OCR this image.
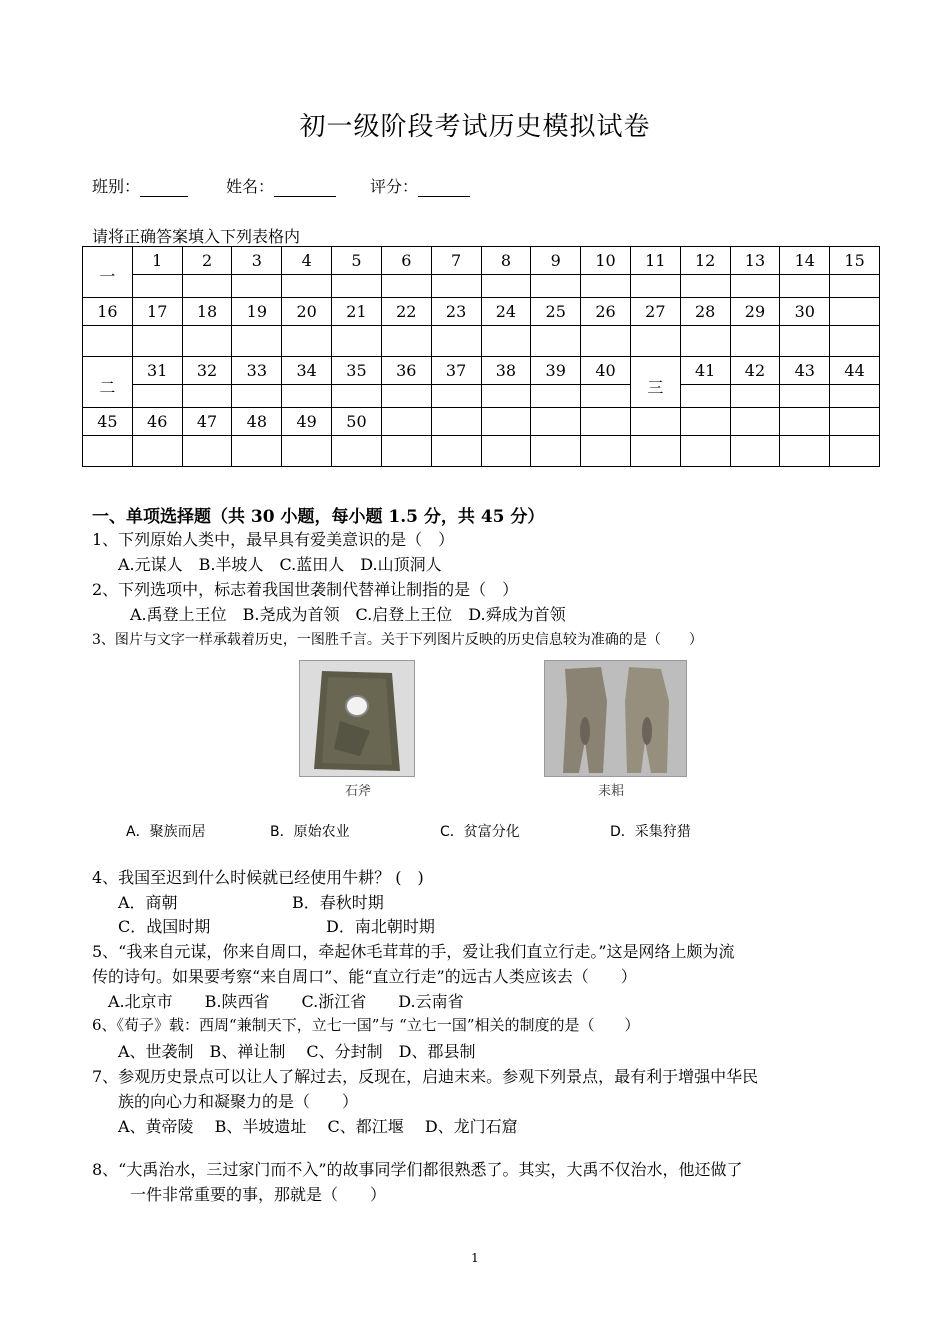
初一级阶段考试历史模拟试卷
班别：	姓名：	评分：
请将正确答案填入下列表格内
一	1	2	3	4	5	6	7	8	9	10	11	12	13	14	15

16	17	18	19	20	21	22	23	24	25	26	27	28	29	30	

二	31	32	33	34	35	36	37	38	39	40	三	41	42	43	44

45	46	47	48	49	50										

一、单项选择题（共 30 小题，每小题 1.5 分，共 45 分）
1、下列原始人类中，最早具有爱美意识的是（　）
A.元谋人　B.半坡人　C.蓝田人　D.山顶洞人
2、下列选项中，标志着我国世袭制代替禅让制指的是（　）
A.禹登上王位　B.尧成为首领　C.启登上王位　D.舜成为首领
3、图片与文字一样承载着历史，一图胜千言。关于下列图片反映的历史信息较为准确的是（　　）
石斧	耒耜
A．聚族而居	B．原始农业	C．贫富分化	D．采集狩猎
4、我国至迟到什么时候就已经使用牛耕？ (　)
A．商朝	B．春秋时期
C．战国时期	D．南北朝时期
5、“我来自元谋，你来自周口，牵起休毛茸茸的手，爱让我们直立行走。”这是网络上颇为流
传的诗句。如果要考察“来自周口”、能“直立行走”的远古人类应该去（　　）
A.北京市　　B.陕西省　　C.浙江省　　D.云南省
6、《荀子》载：西周“兼制天下，立七一国”与 “立七一国”相关的制度的是（　　）
A、世袭制　B、禅让制　 C、分封制　D、郡县制
7、参观历史景点可以让人了解过去，反现在，启迪末来。参观下列景点，最有利于增强中华民
族的向心力和凝聚力的是（　　）
A、黄帝陵　 B、半坡遗址　 C、都江堰　 D、龙门石窟
8、“大禹治水，三过家门而不入”的故事同学们都很熟悉了。其实，大禹不仅治水，他还做了
一件非常重要的事，那就是（　　）
1
